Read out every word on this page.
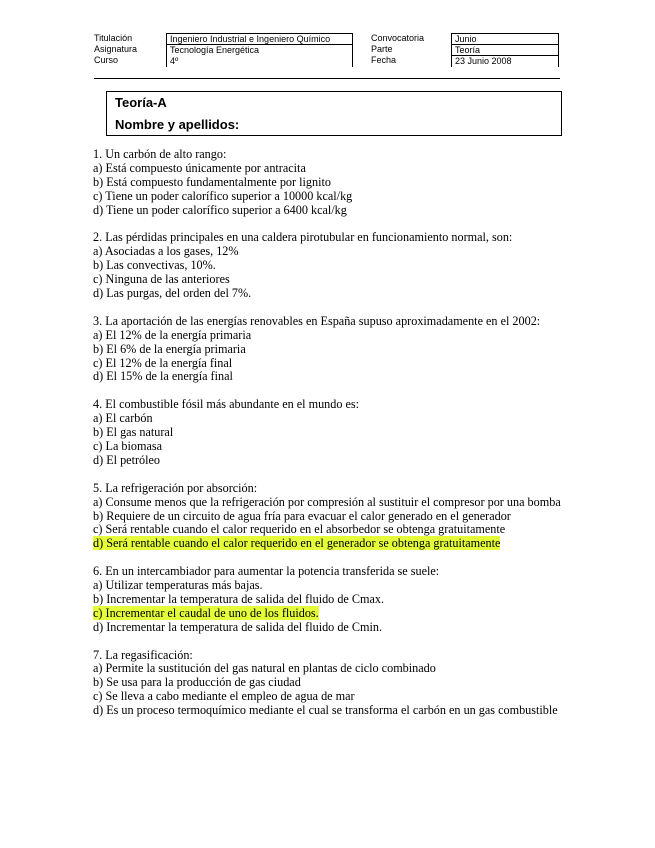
Titulación
Asignatura
Curso
Ingeniero Industrial e Ingeniero Químico
Tecnología Energética
4º
Convocatoria
Parte
Fecha
Junio
Teoría
23 Junio 2008
Teoría-A
Nombre y apellidos:
1. Un carbón de alto rango:
a) Está compuesto únicamente por antracita
b) Está compuesto fundamentalmente por lignito
c) Tiene un poder calorífico superior a 10000 kcal/kg
d) Tiene un poder calorífico superior a 6400 kcal/kg
2. Las pérdidas principales en una caldera pirotubular en funcionamiento normal, son:
a) Asociadas a los gases, 12%
b) Las convectivas, 10%.
c) Ninguna de las anteriores
d) Las purgas, del orden del 7%.
3. La aportación de las energías renovables en España supuso aproximadamente en el 2002:
a) El 12% de la energía primaria
b) El 6% de la energía primaria
c) El 12% de la energía final
d) El 15% de la energía final
4. El combustible fósil más abundante en el mundo es:
a) El carbón
b) El gas natural
c) La biomasa
d) El petróleo
5. La refrigeración por absorción:
a) Consume menos que la refrigeración por compresión al sustituir el compresor por una bomba
b) Requiere de un circuito de agua fría para evacuar el calor generado en el generador
c) Será rentable cuando el calor requerido en el absorbedor se obtenga gratuitamente
d) Será rentable cuando el calor requerido en el generador se obtenga gratuitamente
6. En un intercambiador para aumentar la potencia transferida se suele:
a) Utilizar temperaturas más bajas.
b) Incrementar la temperatura de salida del fluido de Cmax.
c) Incrementar el caudal de uno de los fluidos.
d) Incrementar la temperatura de salida del fluido de Cmin.
7. La regasificación:
a) Permite la sustitución del gas natural en plantas de ciclo combinado
b) Se usa para la producción de gas ciudad
c) Se lleva a cabo mediante el empleo de agua de mar
d) Es un proceso termoquímico mediante el cual se transforma el carbón en un gas combustible
